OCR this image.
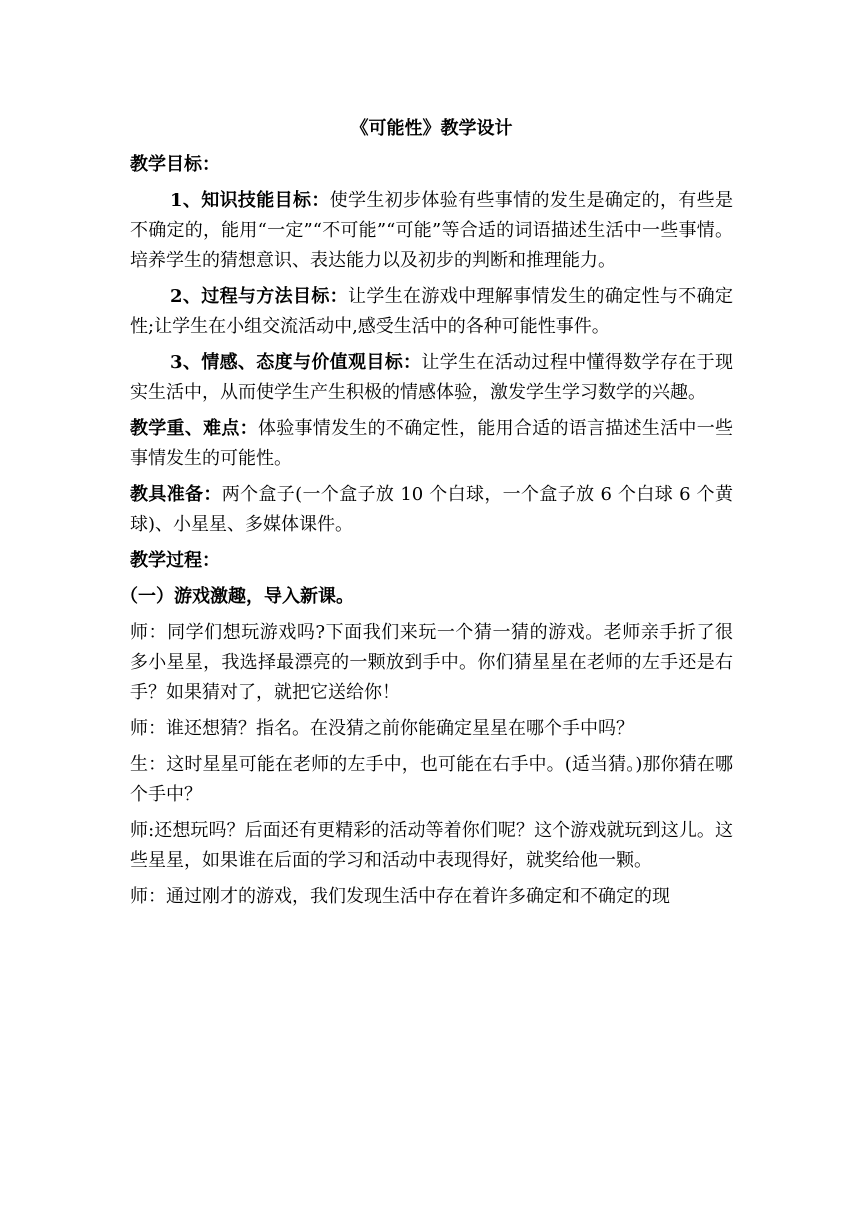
《可能性》教学设计

教学目标：

1、知识技能目标：使学生初步体验有些事情的发生是确定的，有些是不确定的，能用“一定”“不可能”“可能”等合适的词语描述生活中一些事情。培养学生的猜想意识、表达能力以及初步的判断和推理能力。

2、过程与方法目标：让学生在游戏中理解事情发生的确定性与不确定性;让学生在小组交流活动中,感受生活中的各种可能性事件。

3、情感、态度与价值观目标：让学生在活动过程中懂得数学存在于现实生活中，从而使学生产生积极的情感体验，激发学生学习数学的兴趣。

教学重、难点：体验事情发生的不确定性，能用合适的语言描述生活中一些事情发生的可能性。

教具准备：两个盒子(一个盒子放 10 个白球，一个盒子放 6 个白球 6 个黄球)、小星星、多媒体课件。

教学过程：

（一）游戏激趣，导入新课。

师：同学们想玩游戏吗?下面我们来玩一个猜一猜的游戏。老师亲手折了很多小星星，我选择最漂亮的一颗放到手中。你们猜星星在老师的左手还是右手？如果猜对了，就把它送给你！

师：谁还想猜？指名。在没猜之前你能确定星星在哪个手中吗？

生：这时星星可能在老师的左手中，也可能在右手中。(适当猜。)那你猜在哪个手中？

师:还想玩吗？后面还有更精彩的活动等着你们呢？这个游戏就玩到这儿。这些星星，如果谁在后面的学习和活动中表现得好，就奖给他一颗。

师：通过刚才的游戏，我们发现生活中存在着许多确定和不确定的现
